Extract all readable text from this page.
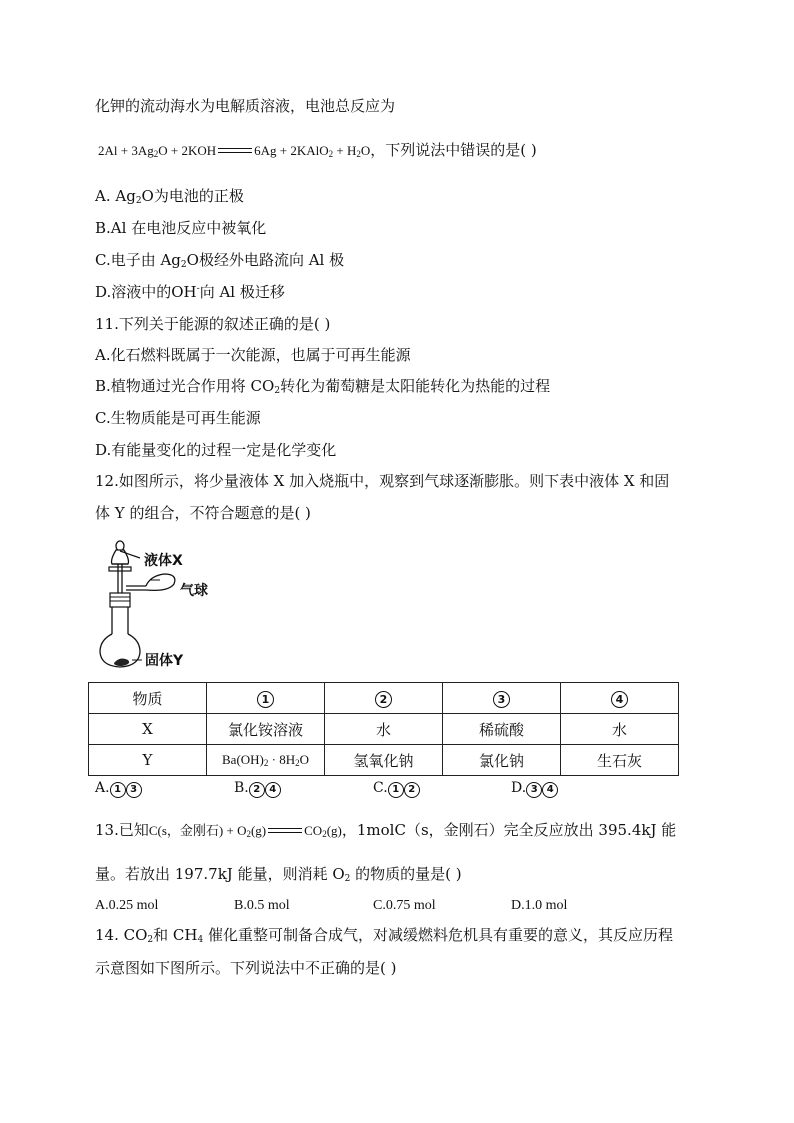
化钾的流动海水为电解质溶液，电池总反应为
$2Al + 3Ag_2O + 2KOH$	6Ag + 2KAlO$_2$ + $H_2O$，下列说法中错误的是( )
A. $Ag_2O$为电池的正极
B.Al 在电池反应中被氧化
C.电子由 $Ag_2O$极经外电路流向 Al 极
D.溶液中的OH-向 Al 极迁移
11.下列关于能源的叙述正确的是( )
A.化石燃料既属于一次能源，也属于可再生能源
B.植物通过光合作用将 $CO_2$转化为葡萄糖是太阳能转化为热能的过程
C.生物质能是可再生能源
D.有能量变化的过程一定是化学变化
12.如图所示，将少量液体 X 加入烧瓶中，观察到气球逐渐膨胀。则下表中液体 X 和固
体 Y 的组合，不符合题意的是( )
液体X
气球
固体Y
物质	1	2	3	4
X	氯化铵溶液	水	稀硫酸	水
Y	$Ba(OH)_2 \cdot 8H_2O$	氢氧化钠	氯化钠	生石灰
A. 1 3	B. 2 4	C. 1 2	D. 3 4
13.已知C(s，金刚石) + $O_2(g)$	$CO_2(g)$，1molC（s，金刚石）完全反应放出 395.4kJ 能
量。若放出 197.7kJ 能量，则消耗 $O_2$ 的物质的量是( )
A.0.25 mol	B.0.5 mol	C.0.75 mol	D.1.0 mol
14. $CO_2$和 $CH_4$ 催化重整可制备合成气，对减缓燃料危机具有重要的意义，其反应历程
示意图如下图所示。下列说法中不正确的是( )
